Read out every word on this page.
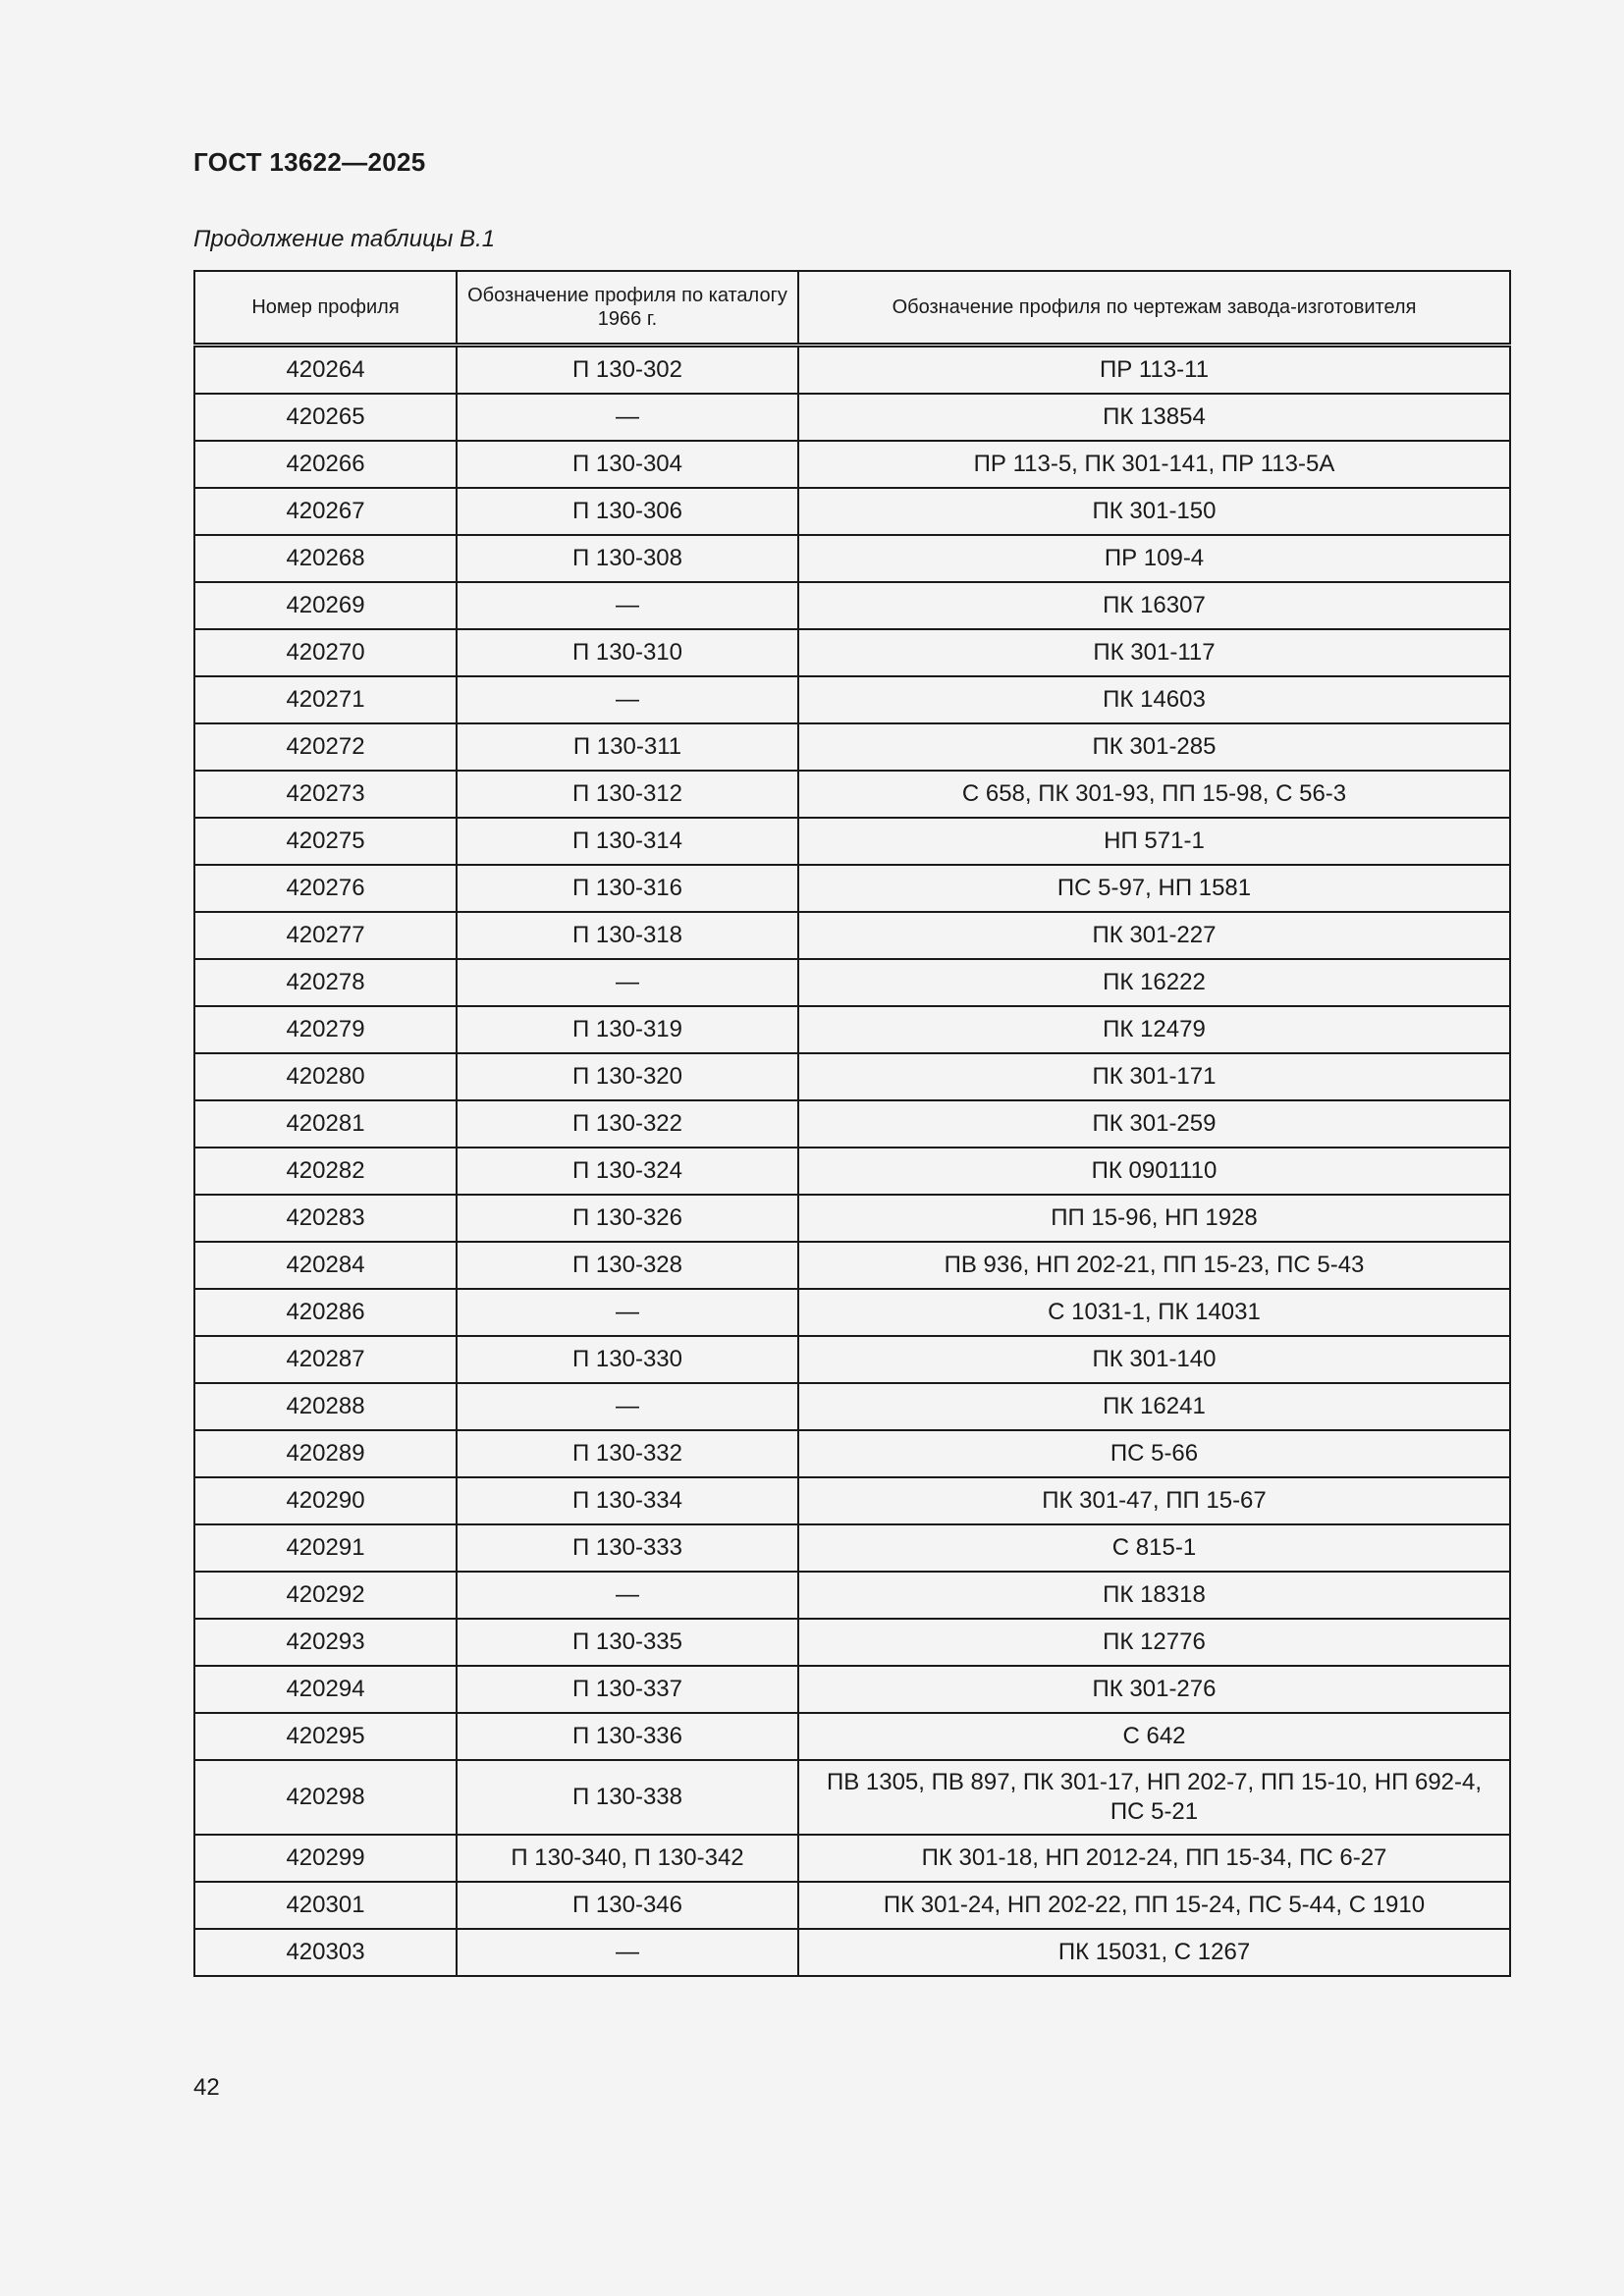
ГОСТ 13622—2025
Продолжение таблицы В.1
Номер профиля	Обозначение профиля по каталогу 1966 г.	Обозначение профиля по чертежам завода-изготовителя
420264	П 130-302	ПР 113-11
420265	—	ПК 13854
420266	П 130-304	ПР 113-5, ПК 301-141, ПР 113-5А
420267	П 130-306	ПК 301-150
420268	П 130-308	ПР 109-4
420269	—	ПК 16307
420270	П 130-310	ПК 301-117
420271	—	ПК 14603
420272	П 130-311	ПК 301-285
420273	П 130-312	С 658, ПК 301-93, ПП 15-98, С 56-3
420275	П 130-314	НП 571-1
420276	П 130-316	ПС 5-97, НП 1581
420277	П 130-318	ПК 301-227
420278	—	ПК 16222
420279	П 130-319	ПК 12479
420280	П 130-320	ПК 301-171
420281	П 130-322	ПК 301-259
420282	П 130-324	ПК 0901110
420283	П 130-326	ПП 15-96, НП 1928
420284	П 130-328	ПВ 936, НП 202-21, ПП 15-23, ПС 5-43
420286	—	С 1031-1, ПК 14031
420287	П 130-330	ПК 301-140
420288	—	ПК 16241
420289	П 130-332	ПС 5-66
420290	П 130-334	ПК 301-47, ПП 15-67
420291	П 130-333	С 815-1
420292	—	ПК 18318
420293	П 130-335	ПК 12776
420294	П 130-337	ПК 301-276
420295	П 130-336	С 642
420298	П 130-338	ПВ 1305, ПВ 897, ПК 301-17, НП 202-7, ПП 15-10, НП 692-4, ПС 5-21
420299	П 130-340, П 130-342	ПК 301-18, НП 2012-24, ПП 15-34, ПС 6-27
420301	П 130-346	ПК 301-24, НП 202-22, ПП 15-24, ПС 5-44, С 1910
420303	—	ПК 15031, С 1267
42
